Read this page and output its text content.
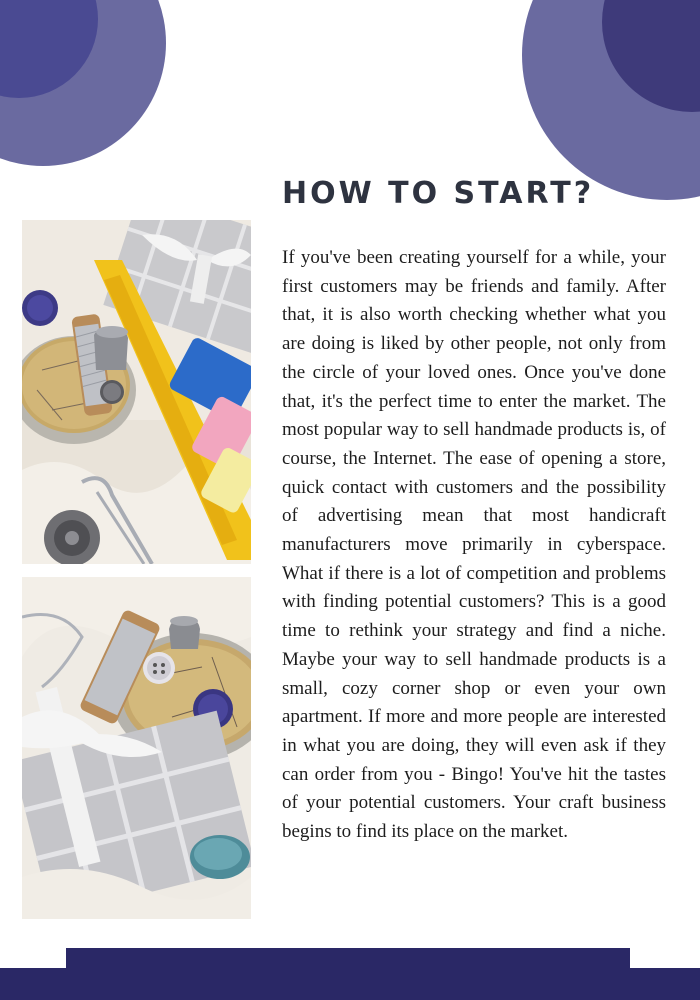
HOW TO START?

If you've been creating yourself for a while, your first customers may be friends and family. After that, it is also worth checking whether what you are doing is liked by other people, not only from the circle of your loved ones. Once you've done that, it's the perfect time to enter the market. The most popular way to sell handmade products is, of course, the Internet. The ease of opening a store, quick contact with customers and the possibility of advertising mean that most handicraft manufacturers move primarily in cyberspace. What if there is a lot of competition and problems with finding potential customers? This is a good time to rethink your strategy and find a niche. Maybe your way to sell handmade products is a small, cozy corner shop or even your own apartment. If more and more people are interested in what you are doing, they will even ask if they can order from you - Bingo! You've hit the tastes of your potential customers. Your craft business begins to find its place on the market.
